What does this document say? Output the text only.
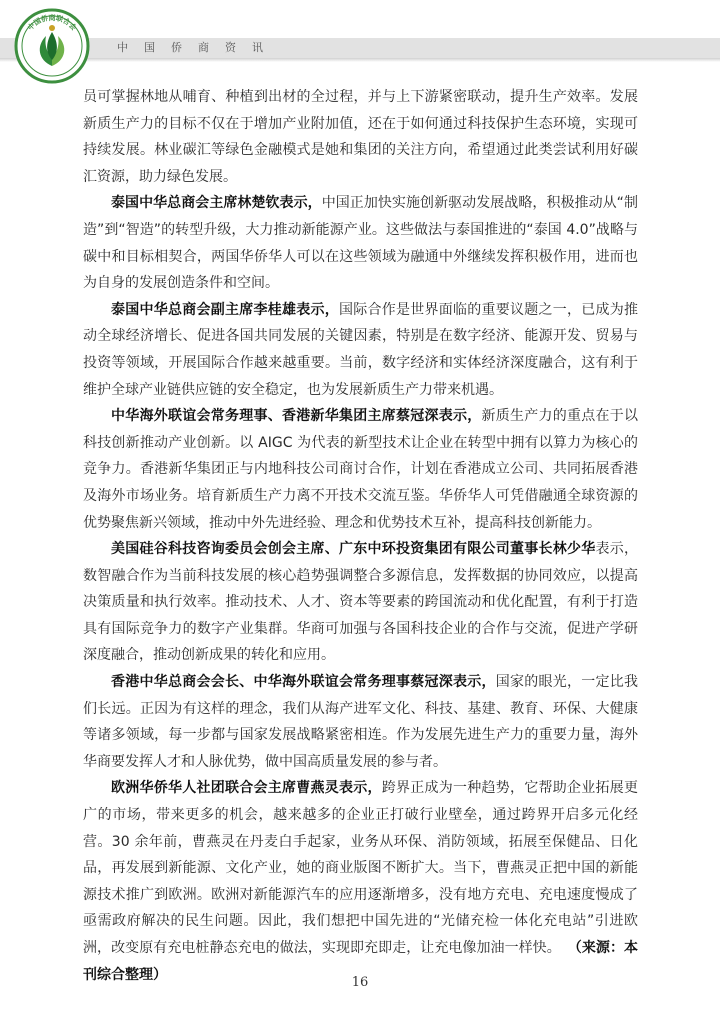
中国侨商资讯
中国侨商联合会

员可掌握林地从哺育、种植到出材的全过程，并与上下游紧密联动，提升生产效率。发展新质生产力的目标不仅在于增加产业附加值，还在于如何通过科技保护生态环境，实现可持续发展。林业碳汇等绿色金融模式是她和集团的关注方向，希望通过此类尝试利用好碳汇资源，助力绿色发展。

泰国中华总商会主席林楚钦表示，中国正加快实施创新驱动发展战略，积极推动从“制造”到“智造”的转型升级，大力推动新能源产业。这些做法与泰国推进的“泰国 4.0”战略与碳中和目标相契合，两国华侨华人可以在这些领域为融通中外继续发挥积极作用，进而也为自身的发展创造条件和空间。

泰国中华总商会副主席李桂雄表示，国际合作是世界面临的重要议题之一，已成为推动全球经济增长、促进各国共同发展的关键因素，特别是在数字经济、能源开发、贸易与投资等领域，开展国际合作越来越重要。当前，数字经济和实体经济深度融合，这有利于维护全球产业链供应链的安全稳定，也为发展新质生产力带来机遇。

中华海外联谊会常务理事、香港新华集团主席蔡冠深表示，新质生产力的重点在于以科技创新推动产业创新。以 AIGC 为代表的新型技术让企业在转型中拥有以算力为核心的竞争力。香港新华集团正与内地科技公司商讨合作，计划在香港成立公司、共同拓展香港及海外市场业务。培育新质生产力离不开技术交流互鉴。华侨华人可凭借融通全球资源的优势聚焦新兴领域，推动中外先进经验、理念和优势技术互补，提高科技创新能力。

美国硅谷科技咨询委员会创会主席、广东中环投资集团有限公司董事长林少华表示，数智融合作为当前科技发展的核心趋势强调整合多源信息，发挥数据的协同效应，以提高决策质量和执行效率。推动技术、人才、资本等要素的跨国流动和优化配置，有利于打造具有国际竞争力的数字产业集群。华商可加强与各国科技企业的合作与交流，促进产学研深度融合，推动创新成果的转化和应用。

香港中华总商会会长、中华海外联谊会常务理事蔡冠深表示，国家的眼光，一定比我们长远。正因为有这样的理念，我们从海产进军文化、科技、基建、教育、环保、大健康等诸多领域，每一步都与国家发展战略紧密相连。作为发展先进生产力的重要力量，海外华商要发挥人才和人脉优势，做中国高质量发展的参与者。

欧洲华侨华人社团联合会主席曹燕灵表示，跨界正成为一种趋势，它帮助企业拓展更广的市场，带来更多的机会，越来越多的企业正打破行业壁垒，通过跨界开启多元化经营。30 余年前，曹燕灵在丹麦白手起家，业务从环保、消防领域，拓展至保健品、日化品，再发展到新能源、文化产业，她的商业版图不断扩大。当下，曹燕灵正把中国的新能源技术推广到欧洲。欧洲对新能源汽车的应用逐渐增多，没有地方充电、充电速度慢成了亟需政府解决的民生问题。因此，我们想把中国先进的“光储充检一体化充电站”引进欧洲，改变原有充电桩静态充电的做法，实现即充即走，让充电像加油一样快。 （来源：本刊综合整理）	16
